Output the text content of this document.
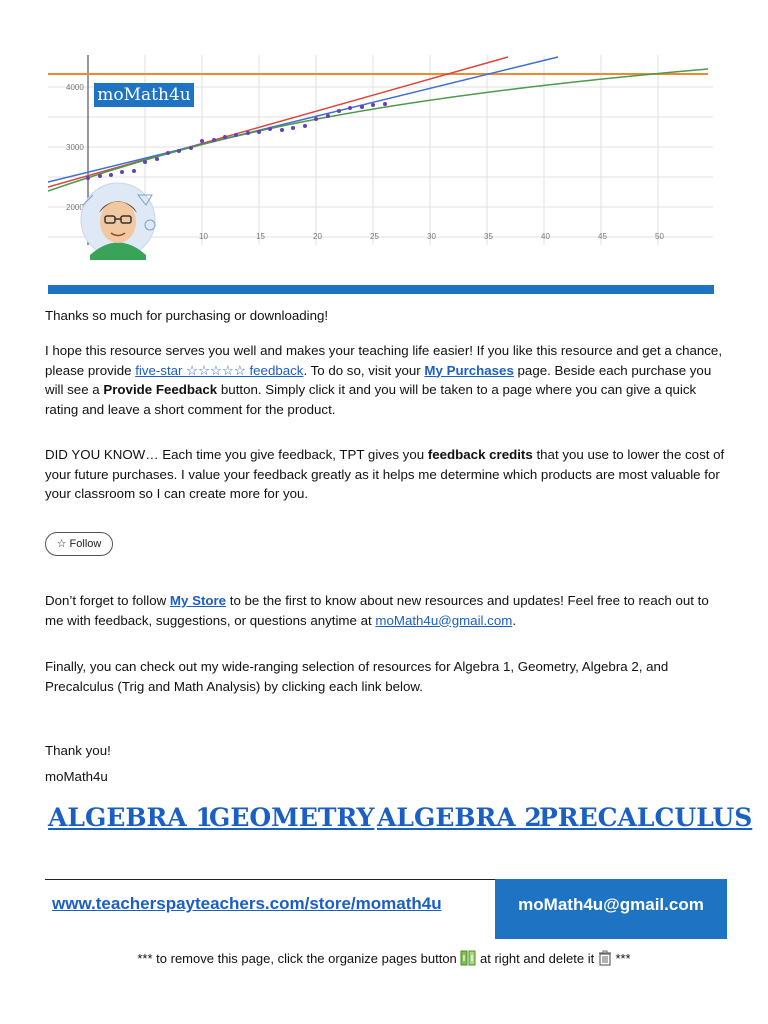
4000
3000
2000
10	15	20	25	30	35	40	45	50
moMath4u
Thanks so much for purchasing or downloading!
I hope this resource serves you well and makes your teaching life easier! If you like this resource and get a chance, please provide five-star ☆☆☆☆☆ feedback. To do so, visit your My Purchases page. Beside each purchase you will see a Provide Feedback button. Simply click it and you will be taken to a page where you can give a quick rating and leave a short comment for the product.
DID YOU KNOW… Each time you give feedback, TPT gives you feedback credits that you use to lower the cost of your future purchases. I value your feedback greatly as it helps me determine which products are most valuable for your classroom so I can create more for you.
☆ Follow
Don’t forget to follow My Store to be the first to know about new resources and updates! Feel free to reach out to me with feedback, suggestions, or questions anytime at moMath4u@gmail.com.
Finally, you can check out my wide-ranging selection of resources for Algebra 1, Geometry, Algebra 2, and Precalculus (Trig and Math Analysis) by clicking each link below.
Thank you!
moMath4u
ALGEBRA 1
GEOMETRY ALGEBRA 2
PRECALCULUS
www.teacherspayteachers.com/store/momath4u	moMath4u@gmail.com
*** to remove this page, click the organize pages button  at right and delete it  ***
